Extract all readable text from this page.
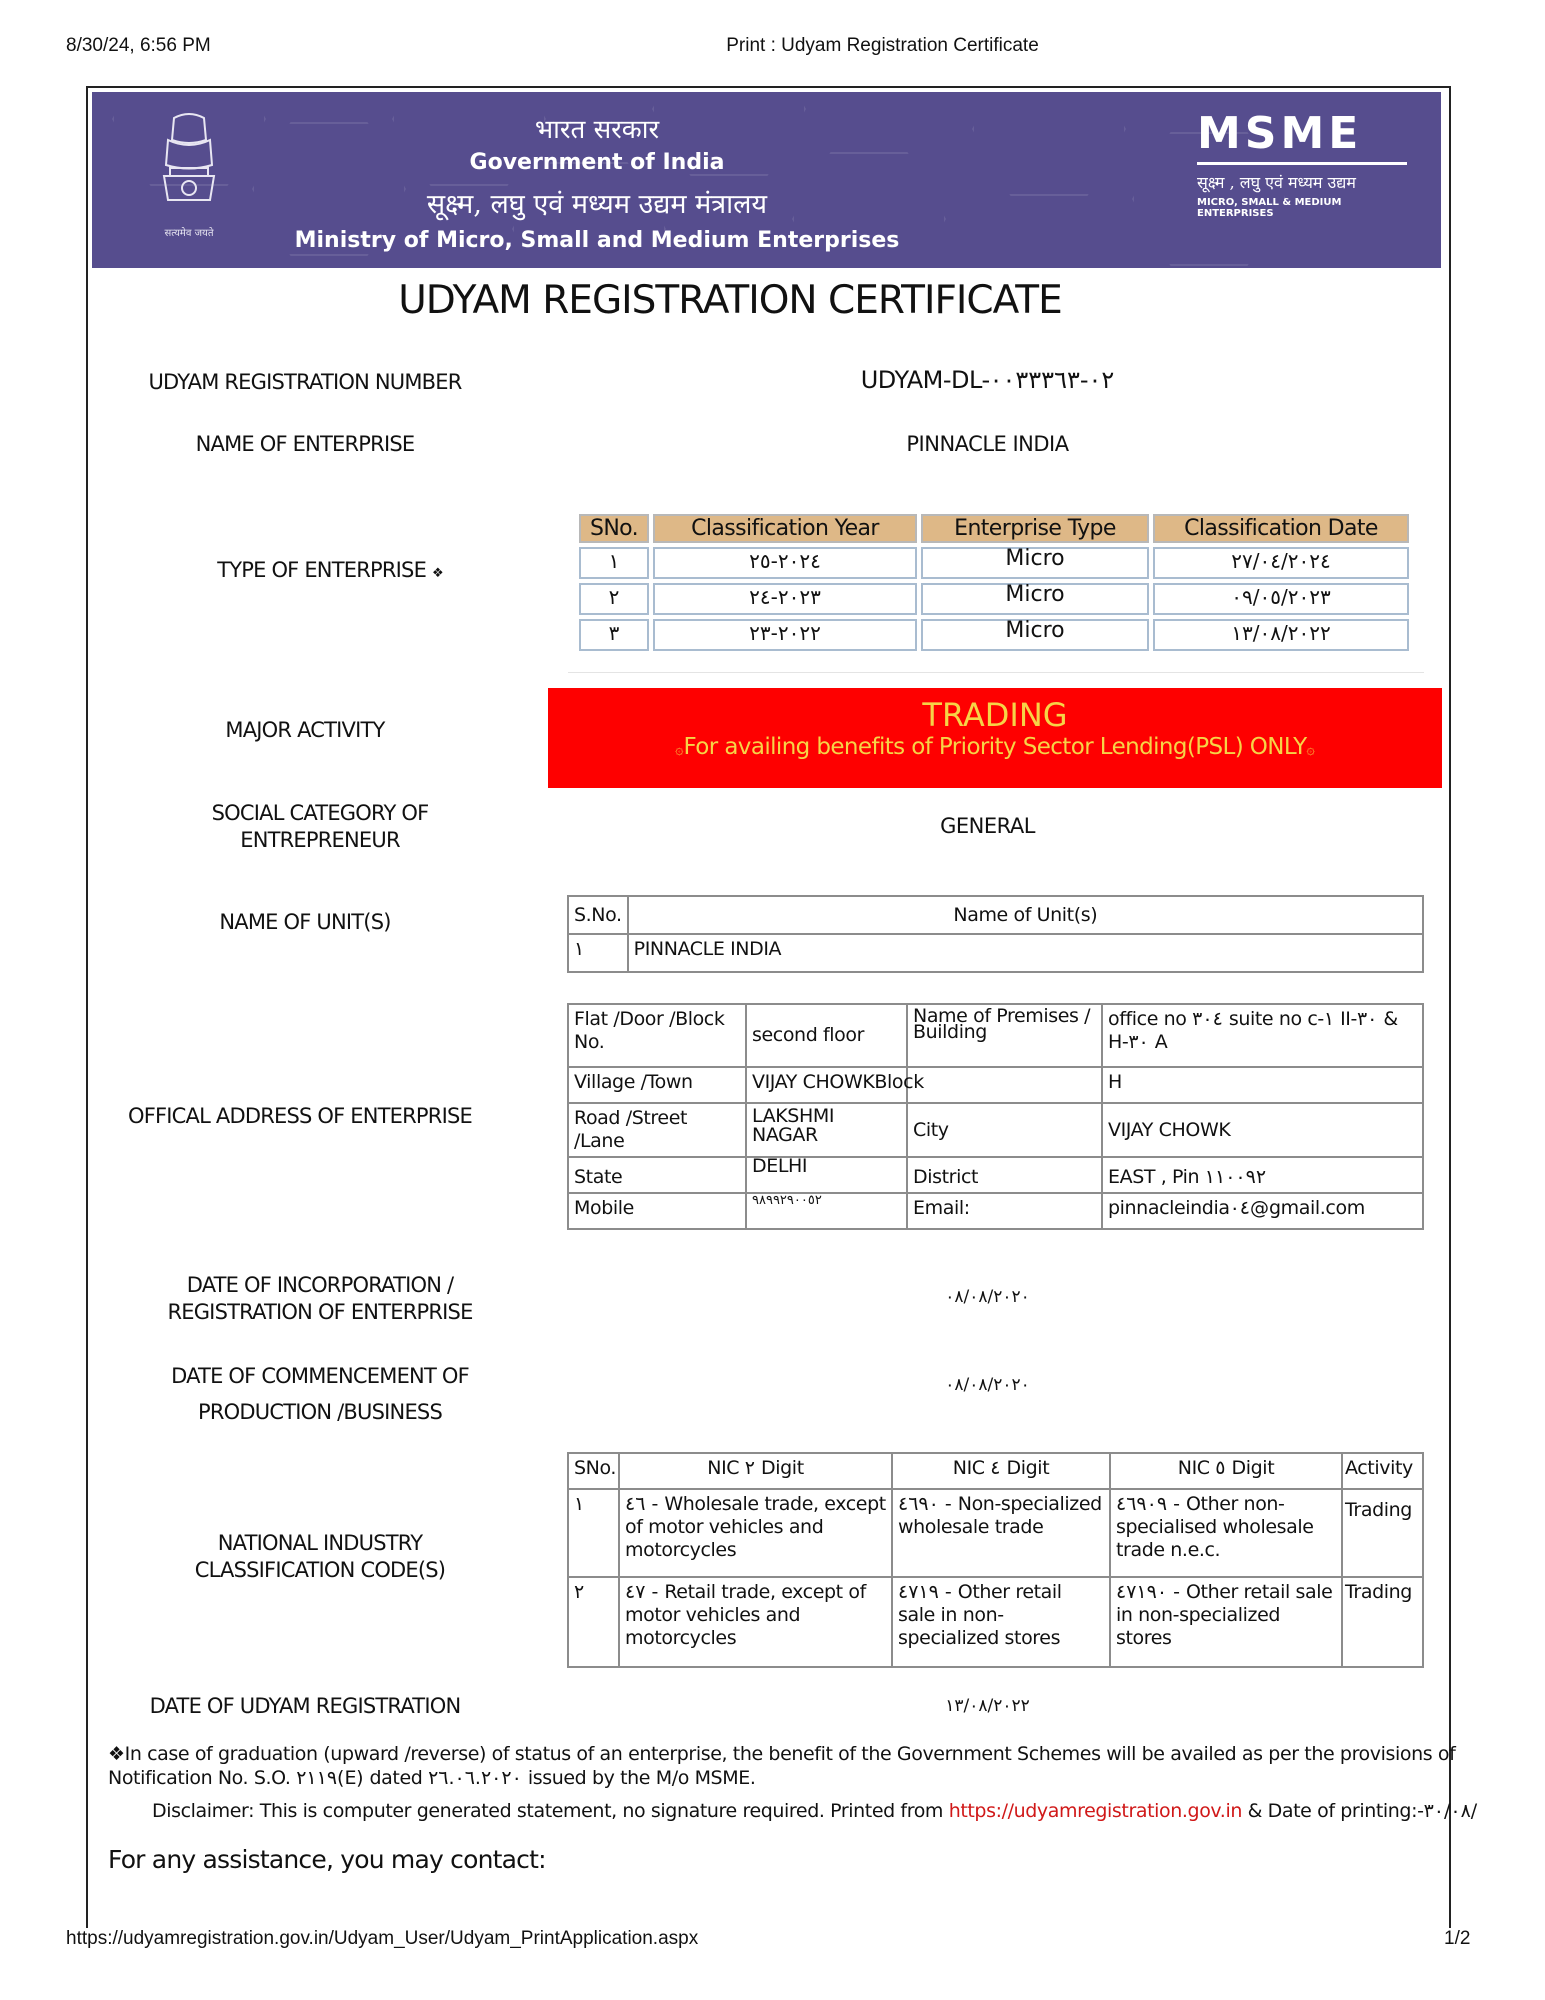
8/30/24, 6:56 PM	Print : Udyam Registration Certificate
सत्यमेव जयते
भारत सरकार
Government of India
सूक्ष्म, लघु एवं मध्यम उद्यम मंत्रालय
Ministry of Micro, Small and Medium Enterprises
MSME
सूक्ष्म , लघु एवं मध्यम उद्यम
MICRO, SMALL & MEDIUM ENTERPRISES
UDYAM REGISTRATION CERTIFICATE
UDYAM REGISTRATION NUMBER	UDYAM-DL-٠٢-٠٠٣٣٣٦٣
NAME OF ENTERPRISE	PINNACLE INDIA
TYPE OF ENTERPRISE ❖
SNo.	Classification Year	Enterprise Type	Classification Date
١	٢٠٢٤-٢٥	Micro	٢٧/٠٤/٢٠٢٤
٢	٢٠٢٣-٢٤	Micro	٠٩/٠٥/٢٠٢٣
٣	٢٠٢٢-٢٣	Micro	١٣/٠٨/٢٠٢٢
MAJOR ACTIVITY	TRADING
۞For availing benefits of Priority Sector Lending(PSL) ONLY۞
SOCIAL CATEGORY OF
ENTREPRENEUR
GENERAL
NAME OF UNIT(S)	S.No.	Name of Unit(s)
١	PINNACLE INDIA
OFFICAL ADDRESS OF ENTERPRISE
Flat /Door /Block No.	second floor	Name of Premises / Building	office no ٣٠٤ suite no c-١ II-٣٠ & H-٣٠ A
Village /Town	VIJAY CHOWKBlock		H
Road /Street /Lane	LAKSHMI NAGAR	City	VIJAY CHOWK
State	DELHI	District	EAST , Pin ١١٠٠٩٢
Mobile	٩٨٩٩٢٩٠٠٥٢	Email:	pinnacleindia٠٤@gmail.com
DATE OF INCORPORATION /
REGISTRATION OF ENTERPRISE
٠٨/٠٨/٢٠٢٠
DATE OF COMMENCEMENT OF
PRODUCTION /BUSINESS
٠٨/٠٨/٢٠٢٠
NATIONAL INDUSTRY
CLASSIFICATION CODE(S)
SNo.	NIC ٢ Digit	NIC ٤ Digit	NIC ٥ Digit	Activity
١	٤٦ - Wholesale trade, except of motor vehicles and motorcycles	٤٦٩٠ - Non-specialized wholesale trade	٤٦٩٠٩ - Other non-specialised wholesale trade n.e.c.	Trading
٢	٤٧ - Retail trade, except of motor vehicles and motorcycles	٤٧١٩ - Other retail sale in non-specialized stores	٤٧١٩٠ - Other retail sale in non-specialized stores	Trading
DATE OF UDYAM REGISTRATION	١٣/٠٨/٢٠٢٢
❖In case of graduation (upward /reverse) of status of an enterprise, the benefit of the Government Schemes will be availed as per the provisions of
Notification No. S.O. ٢١١٩(E) dated ٢٦.٠٦.٢٠٢٠ issued by the M/o MSME.
Disclaimer: This is computer generated statement, no signature required. Printed from https://udyamregistration.gov.in & Date of printing:-٣٠/٠٨/
For any assistance, you may contact:
https://udyamregistration.gov.in/Udyam_User/Udyam_PrintApplication.aspx	1/2
